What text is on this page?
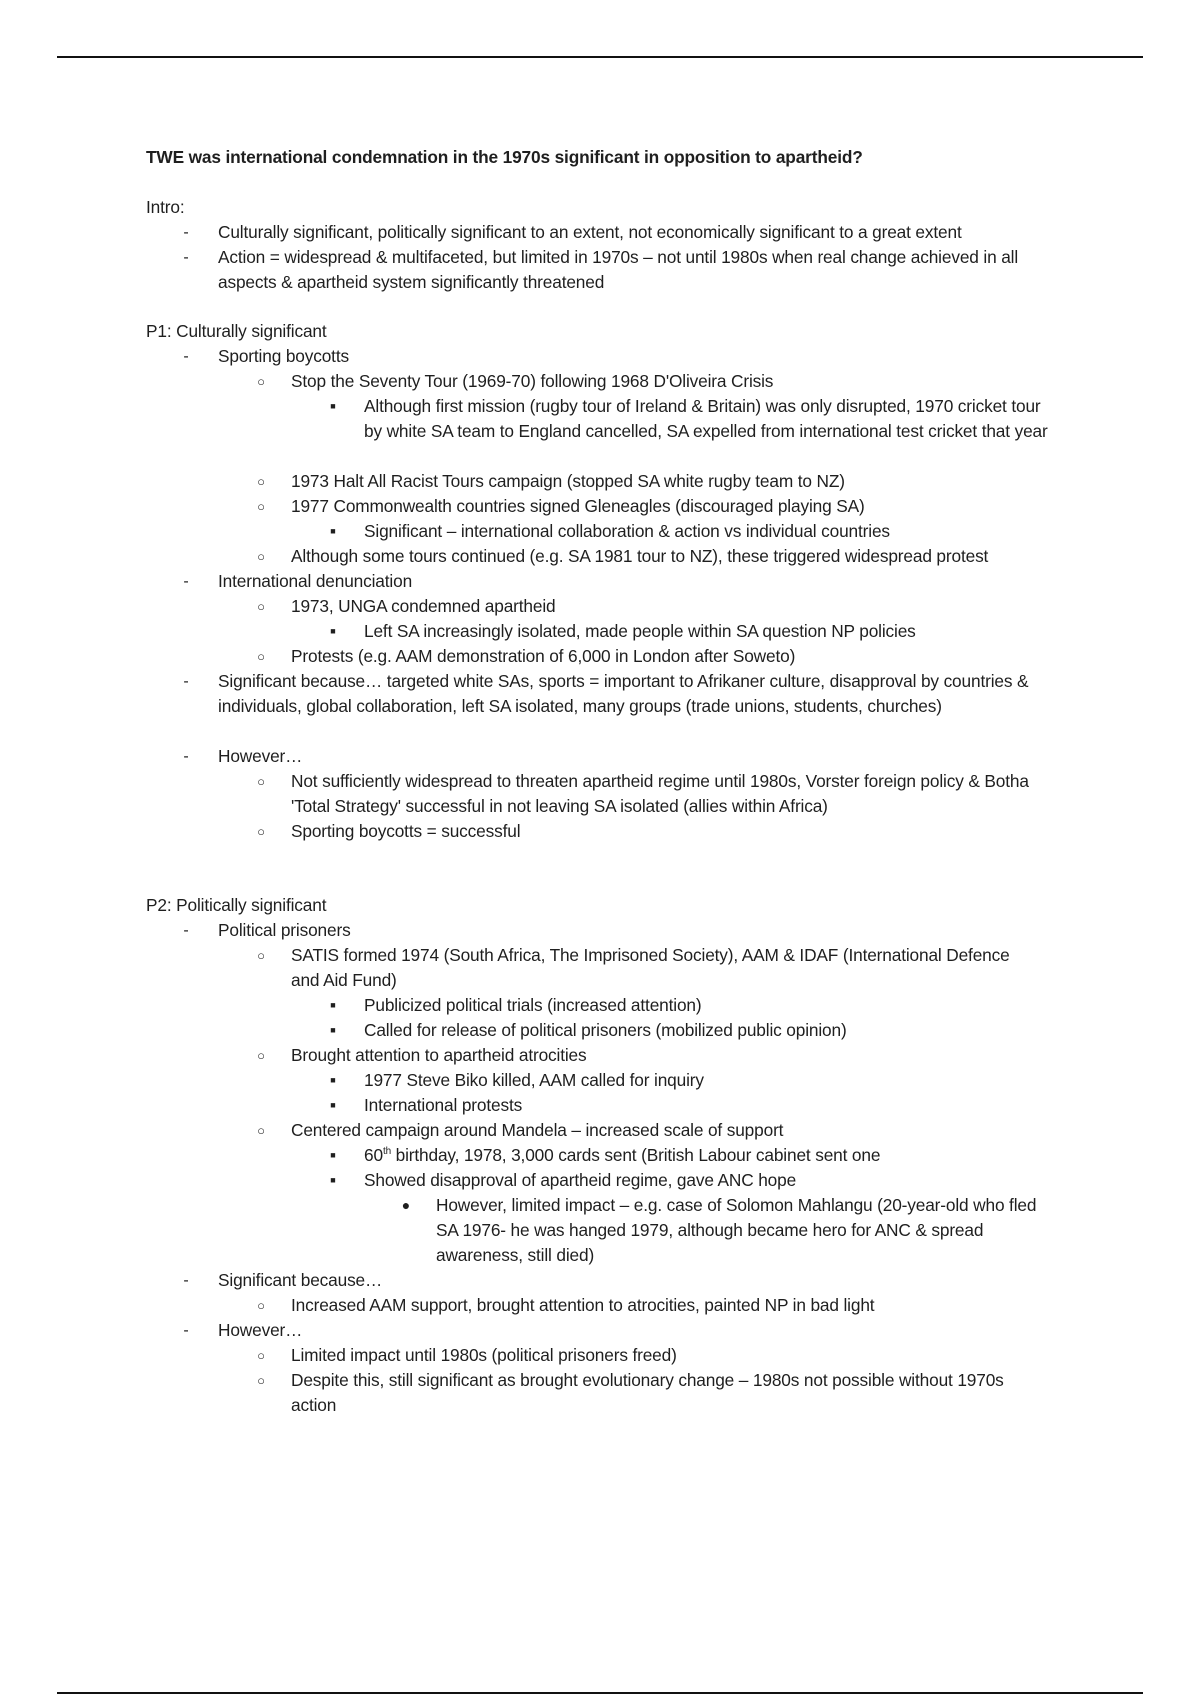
TWE was international condemnation in the 1970s significant in opposition to apartheid?
Intro:
- Culturally significant, politically significant to an extent, not economically significant to a great extent
- Action = widespread & multifaceted, but limited in 1970s – not until 1980s when real change achieved in all aspects & apartheid system significantly threatened
P1: Culturally significant
- Sporting boycotts
○ Stop the Seventy Tour (1969-70) following 1968 D'Oliveira Crisis
■ Although first mission (rugby tour of Ireland & Britain) was only disrupted, 1970 cricket tour by white SA team to England cancelled, SA expelled from international test cricket that year
○ 1973 Halt All Racist Tours campaign (stopped SA white rugby team to NZ)
○ 1977 Commonwealth countries signed Gleneagles (discouraged playing SA)
■ Significant – international collaboration & action vs individual countries
○ Although some tours continued (e.g. SA 1981 tour to NZ), these triggered widespread protest
- International denunciation
○ 1973, UNGA condemned apartheid
■ Left SA increasingly isolated, made people within SA question NP policies
○ Protests (e.g. AAM demonstration of 6,000 in London after Soweto)
- Significant because… targeted white SAs, sports = important to Afrikaner culture, disapproval by countries & individuals, global collaboration, left SA isolated, many groups (trade unions, students, churches)
- However…
○ Not sufficiently widespread to threaten apartheid regime until 1980s, Vorster foreign policy & Botha 'Total Strategy' successful in not leaving SA isolated (allies within Africa)
○ Sporting boycotts = successful
P2: Politically significant
- Political prisoners
○ SATIS formed 1974 (South Africa, The Imprisoned Society), AAM & IDAF (International Defence and Aid Fund)
■ Publicized political trials (increased attention)
■ Called for release of political prisoners (mobilized public opinion)
○ Brought attention to apartheid atrocities
■ 1977 Steve Biko killed, AAM called for inquiry
■ International protests
○ Centered campaign around Mandela – increased scale of support
■ 60th birthday, 1978, 3,000 cards sent (British Labour cabinet sent one
■ Showed disapproval of apartheid regime, gave ANC hope
● However, limited impact – e.g. case of Solomon Mahlangu (20-year-old who fled SA 1976- he was hanged 1979, although became hero for ANC & spread awareness, still died)
- Significant because…
○ Increased AAM support, brought attention to atrocities, painted NP in bad light
- However…
○ Limited impact until 1980s (political prisoners freed)
○ Despite this, still significant as brought evolutionary change – 1980s not possible without 1970s action
